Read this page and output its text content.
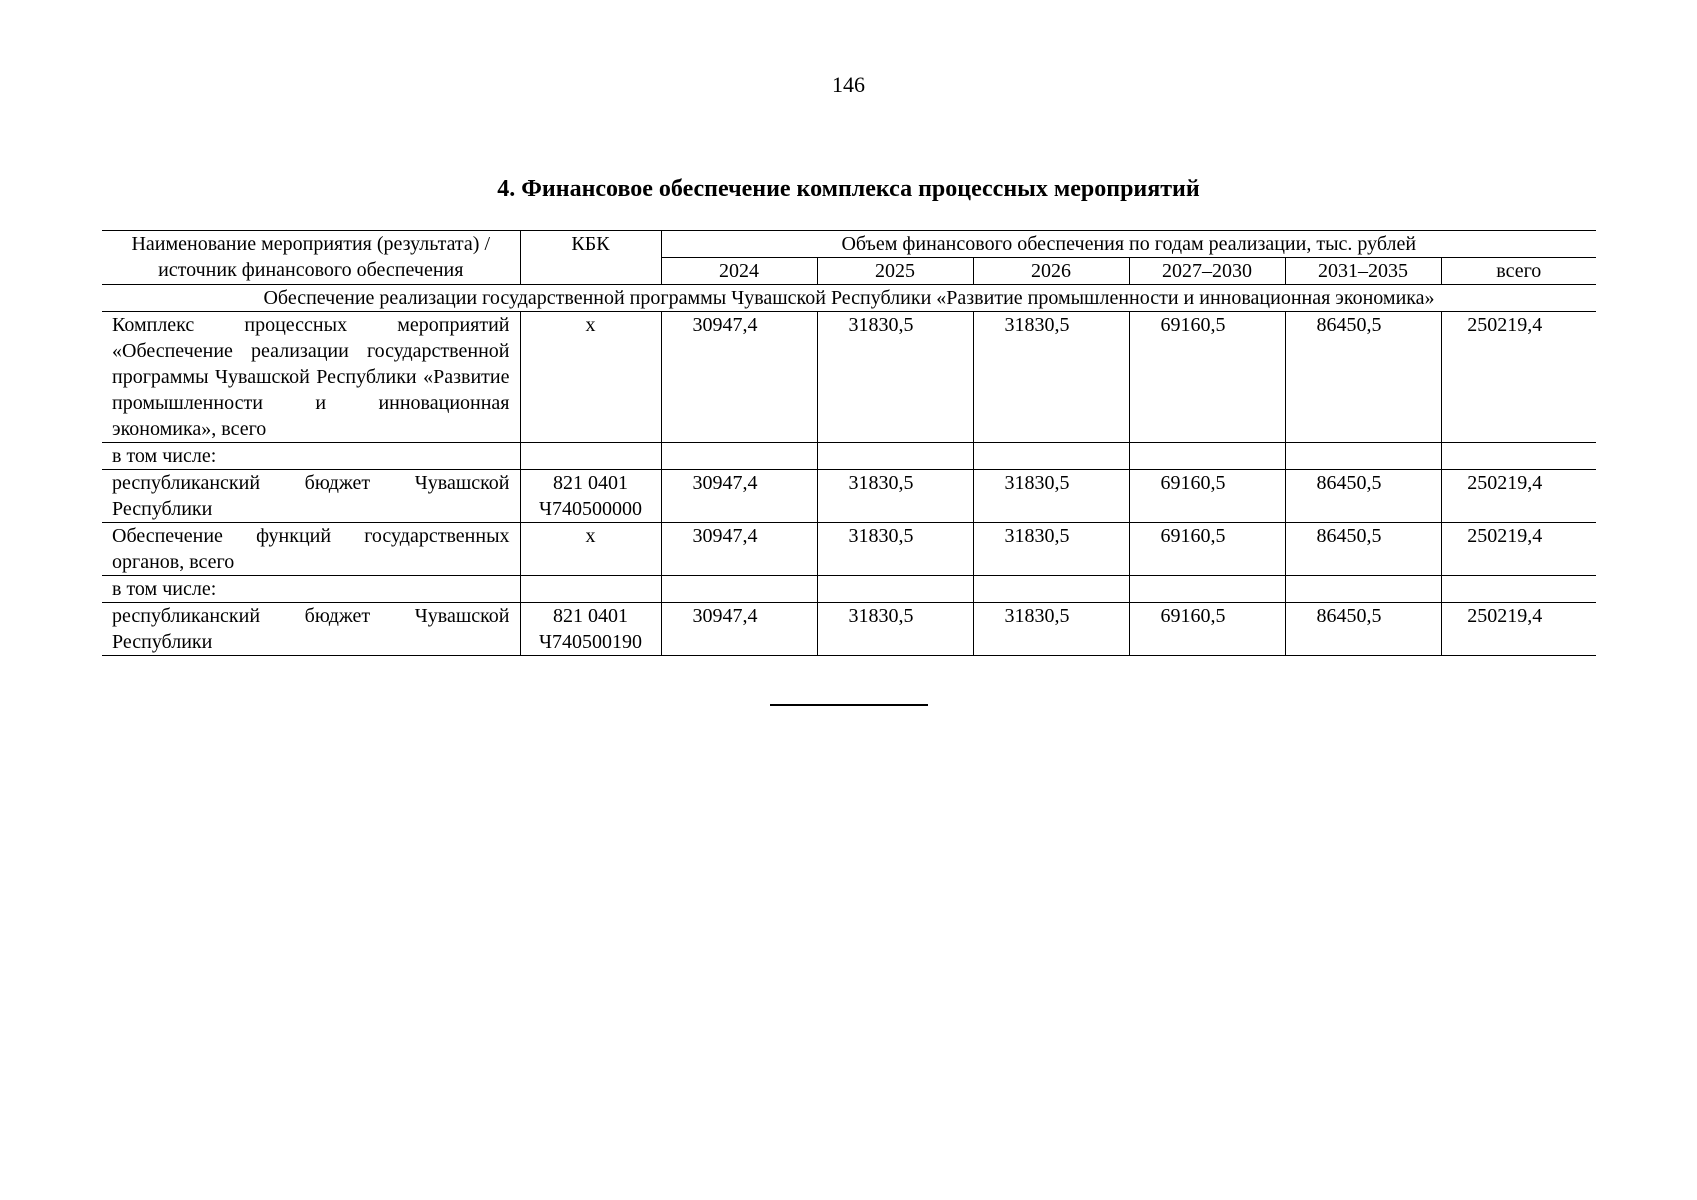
146
4. Финансовое обеспечение комплекса процессных мероприятий
Наименование мероприятия (результата) / источник финансового обеспечения	КБК	Объем финансового обеспечения по годам реализации, тыс. рублей					
		2024	2025	2026	2027–2030	2031–2035	всего
Обеспечение реализации государственной программы Чувашской Республики «Развитие промышленности и инновационная экономика»							
Комплекс процессных мероприятий «Обеспечение реализации государственной программы Чувашской Республики «Развитие промышленности и инновационная экономика», всего	х	30947,4	31830,5	31830,5	69160,5	86450,5	250219,4
в том числе:							
республиканский бюджет Чувашской Республики	821 0401 Ч740500000	30947,4	31830,5	31830,5	69160,5	86450,5	250219,4
Обеспечение функций государственных органов, всего	х	30947,4	31830,5	31830,5	69160,5	86450,5	250219,4
в том числе:							
республиканский бюджет Чувашской Республики	821 0401 Ч740500190	30947,4	31830,5	31830,5	69160,5	86450,5	250219,4
